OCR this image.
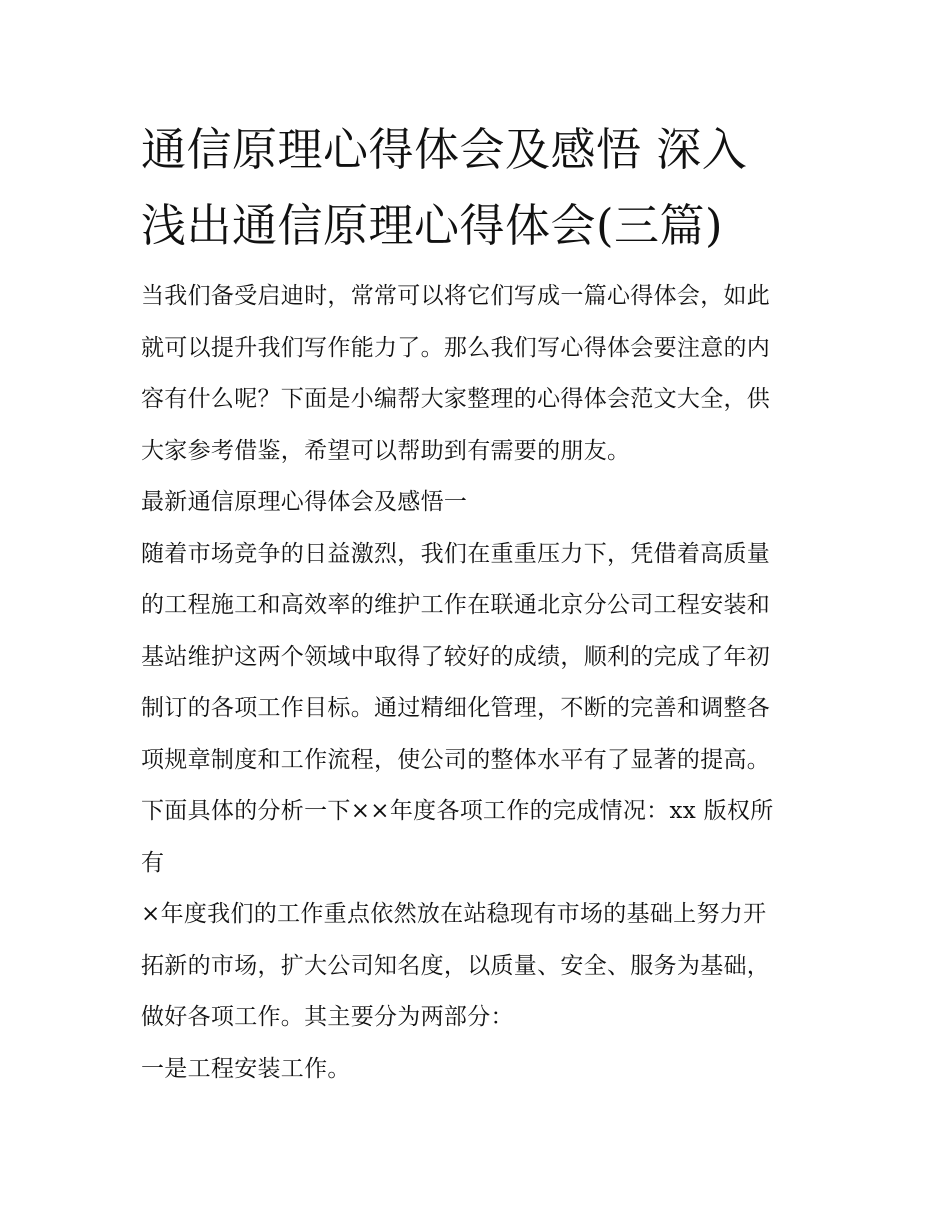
通信原理心得体会及感悟 深入
浅出通信原理心得体会(三篇)
当我们备受启迪时，常常可以将它们写成一篇心得体会，如此
就可以提升我们写作能力了。那么我们写心得体会要注意的内
容有什么呢？下面是小编帮大家整理的心得体会范文大全，供
大家参考借鉴，希望可以帮助到有需要的朋友。
最新通信原理心得体会及感悟一
随着市场竞争的日益激烈，我们在重重压力下，凭借着高质量
的工程施工和高效率的维护工作在联通北京分公司工程安装和
基站维护这两个领域中取得了较好的成绩，顺利的完成了年初
制订的各项工作目标。通过精细化管理，不断的完善和调整各
项规章制度和工作流程，使公司的整体水平有了显著的提高。
下面具体的分析一下××年度各项工作的完成情况：xx 版权所
有
×年度我们的工作重点依然放在站稳现有市场的基础上努力开
拓新的市场，扩大公司知名度，以质量、安全、服务为基础，
做好各项工作。其主要分为两部分：
一是工程安装工作。
